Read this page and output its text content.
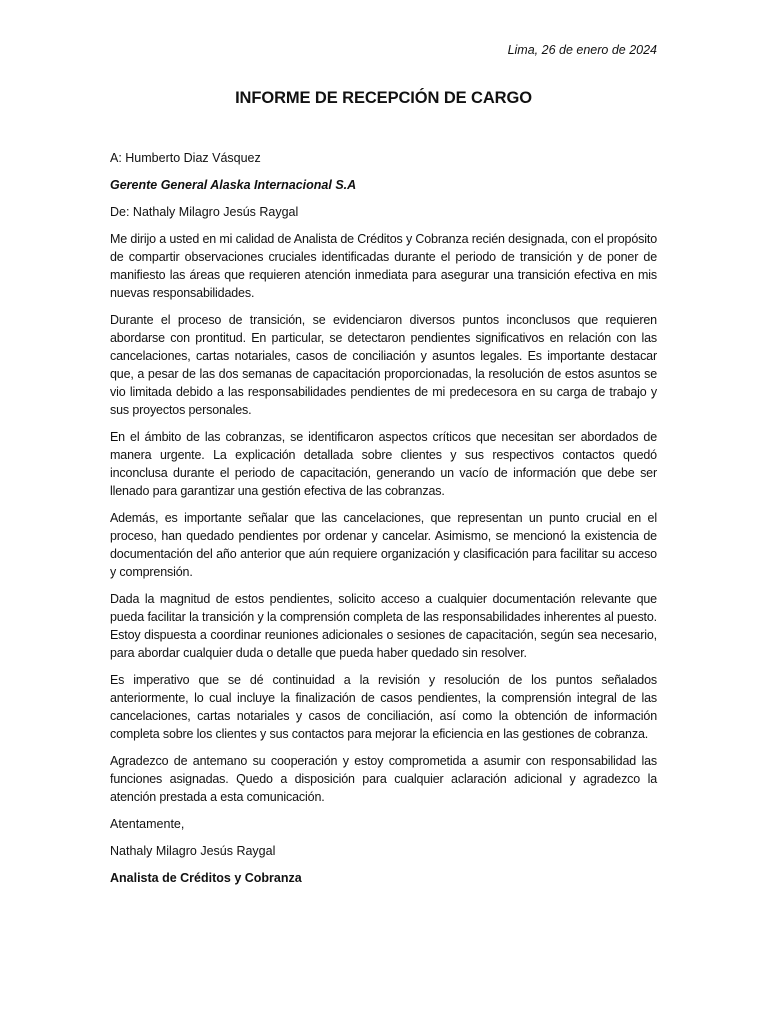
Lima, 26 de enero de 2024
INFORME DE RECEPCIÓN DE CARGO

A: Humberto Diaz Vásquez

Gerente General Alaska Internacional S.A

De: Nathaly Milagro Jesús Raygal

Me dirijo a usted en mi calidad de Analista de Créditos y Cobranza recién designada, con el propósito de compartir observaciones cruciales identificadas durante el periodo de transición y de poner de manifiesto las áreas que requieren atención inmediata para asegurar una transición efectiva en mis nuevas responsabilidades.

Durante el proceso de transición, se evidenciaron diversos puntos inconclusos que requieren abordarse con prontitud. En particular, se detectaron pendientes significativos en relación con las cancelaciones, cartas notariales, casos de conciliación y asuntos legales. Es importante destacar que, a pesar de las dos semanas de capacitación proporcionadas, la resolución de estos asuntos se vio limitada debido a las responsabilidades pendientes de mi predecesora en su carga de trabajo y sus proyectos personales.

En el ámbito de las cobranzas, se identificaron aspectos críticos que necesitan ser abordados de manera urgente. La explicación detallada sobre clientes y sus respectivos contactos quedó inconclusa durante el periodo de capacitación, generando un vacío de información que debe ser llenado para garantizar una gestión efectiva de las cobranzas.

Además, es importante señalar que las cancelaciones, que representan un punto crucial en el proceso, han quedado pendientes por ordenar y cancelar. Asimismo, se mencionó la existencia de documentación del año anterior que aún requiere organización y clasificación para facilitar su acceso y comprensión.

Dada la magnitud de estos pendientes, solicito acceso a cualquier documentación relevante que pueda facilitar la transición y la comprensión completa de las responsabilidades inherentes al puesto. Estoy dispuesta a coordinar reuniones adicionales o sesiones de capacitación, según sea necesario, para abordar cualquier duda o detalle que pueda haber quedado sin resolver.

Es imperativo que se dé continuidad a la revisión y resolución de los puntos señalados anteriormente, lo cual incluye la finalización de casos pendientes, la comprensión integral de las cancelaciones, cartas notariales y casos de conciliación, así como la obtención de información completa sobre los clientes y sus contactos para mejorar la eficiencia en las gestiones de cobranza.

Agradezco de antemano su cooperación y estoy comprometida a asumir con responsabilidad las funciones asignadas. Quedo a disposición para cualquier aclaración adicional y agradezco la atención prestada a esta comunicación.

Atentamente,

Nathaly Milagro Jesús Raygal

Analista de Créditos y Cobranza
